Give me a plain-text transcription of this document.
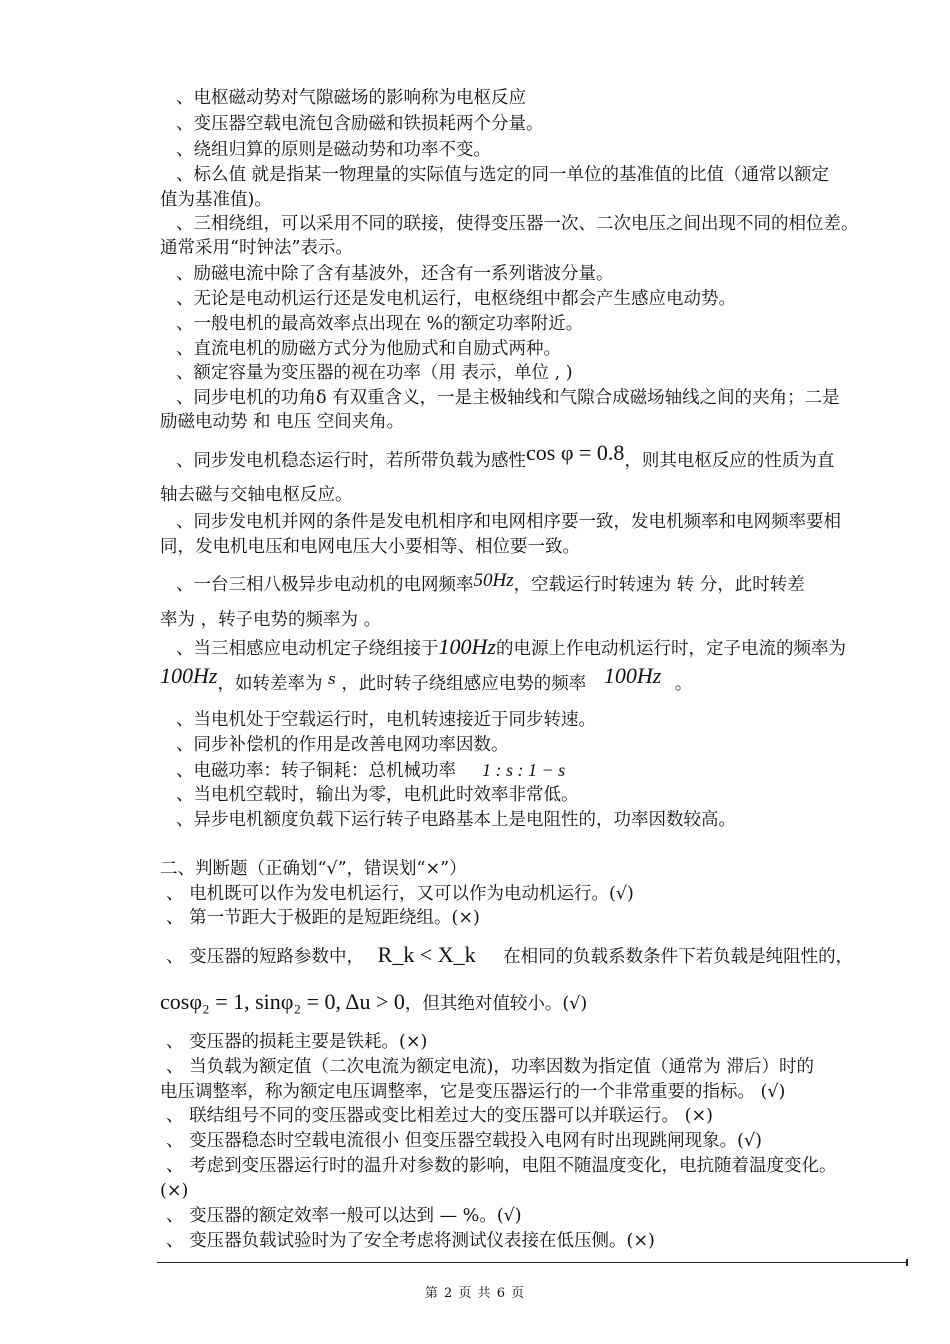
、电枢磁动势对气隙磁场的影响称为电枢反应
、变压器空载电流包含励磁和铁损耗两个分量。
、绕组归算的原则是磁动势和功率不变。
、标么值 就是指某一物理量的实际值与选定的同一单位的基准值的比值（通常以额定
值为基准值)。
、三相绕组，可以采用不同的联接，使得变压器一次、二次电压之间出现不同的相位差。
通常采用“时钟法”表示。
、励磁电流中除了含有基波外，还含有一系列谐波分量。
、无论是电动机运行还是发电机运行，电枢绕组中都会产生感应电动势。
、一般电机的最高效率点出现在 %的额定功率附近。
、直流电机的励磁方式分为他励式和自励式两种。
、额定容量为变压器的视在功率（用 表示，单位 , )
、同步电机的功角δ 有双重含义，一是主极轴线和气隙合成磁场轴线之间的夹角；二是
励磁电动势 和 电压 空间夹角。
、同步发电机稳态运行时，若所带负载为感性cos φ = 0.8，则其电枢反应的性质为直
轴去磁与交轴电枢反应。
、同步发电机并网的条件是发电机相序和电网相序要一致，发电机频率和电网频率要相
同，发电机电压和电网电压大小要相等、相位要一致。
、一台三相八极异步电动机的电网频率50Hz，空载运行时转速为 转 分，此时转差
率为 ，转子电势的频率为 。
、当三相感应电动机定子绕组接于100Hz的电源上作电动机运行时，定子电流的频率为
100Hz，如转差率为 s ，此时转子绕组感应电势的频率 100Hz 。
、当电机处于空载运行时，电机转速接近于同步转速。
、同步补偿机的作用是改善电网功率因数。
、电磁功率：转子铜耗：总机械功率 1 : s : 1 − s
、当电机空载时，输出为零，电机此时效率非常低。
、异步电机额度负载下运行转子电路基本上是电阻性的，功率因数较高。
二、判断题（正确划“√”，错误划“×”）
、 电机既可以作为发电机运行，又可以作为电动机运行。(√)
、 第一节距大于极距的是短距绕组。(×)
、 变压器的短路参数中， R_k < X_k 在相同的负载系数条件下若负载是纯阻性的，
cosφ₂ = 1, sinφ₂ = 0, Δu > 0，但其绝对值较小。(√)
、 变压器的损耗主要是铁耗。(×)
、 当负载为额定值（二次电流为额定电流)，功率因数为指定值（通常为 滞后）时的
电压调整率，称为额定电压调整率，它是变压器运行的一个非常重要的指标。 (√)
、 联结组号不同的变压器或变比相差过大的变压器可以并联运行。 (×)
、 变压器稳态时空载电流很小 但变压器空载投入电网有时出现跳闸现象。(√)
、 考虑到变压器运行时的温升对参数的影响，电阻不随温度变化，电抗随着温度变化。
(×)
、 变压器的额定效率一般可以达到 — %。(√)
、 变压器负载试验时为了安全考虑将测试仪表接在低压侧。(×)
第 2 页 共 6 页
